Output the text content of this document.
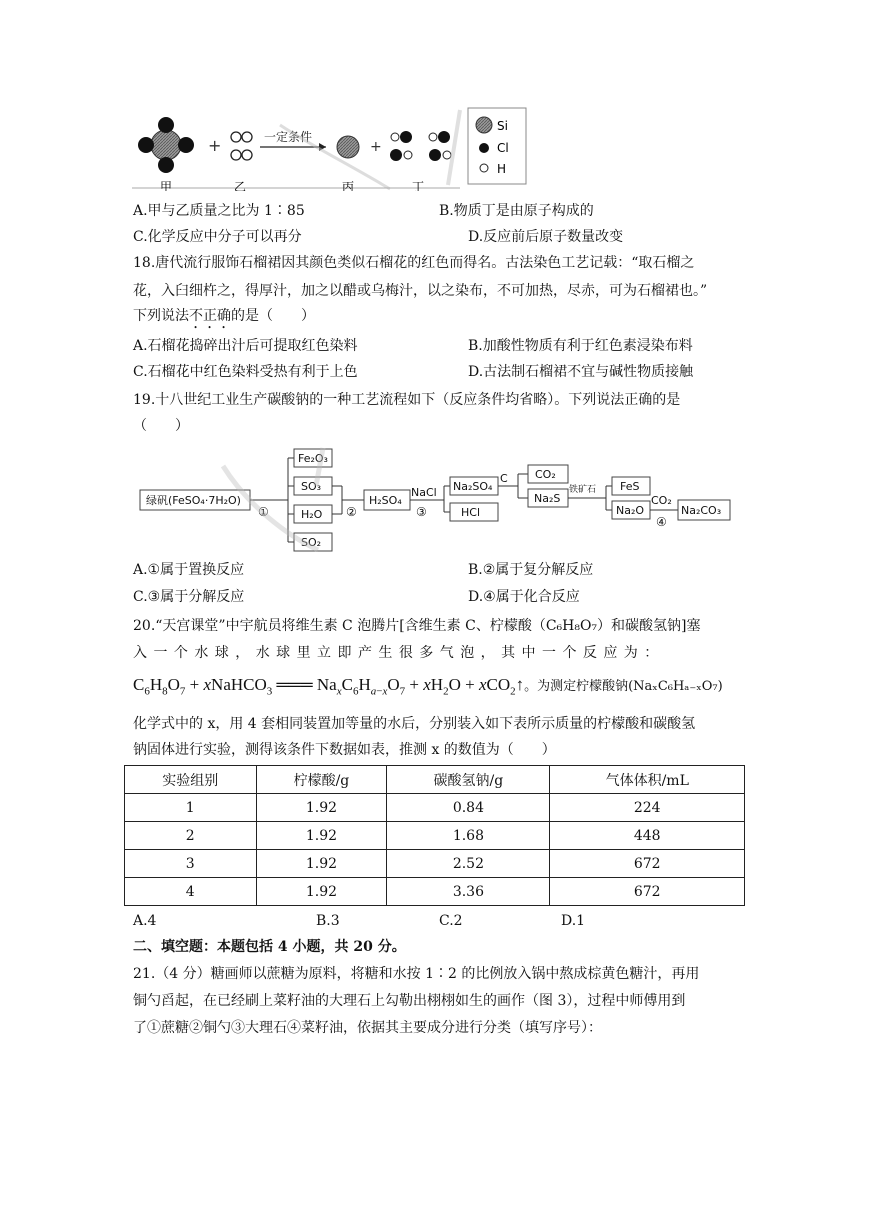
+	一定条件
+
Si
Cl
H
甲	乙	丙	丁
A.甲与乙质量之比为 1∶85	B.物质丁是由原子构成的
C.化学反应中分子可以再分	D.反应前后原子数量改变
18.唐代流行服饰石榴裙因其颜色类似石榴花的红色而得名。古法染色工艺记载：“取石榴之
花，入臼细杵之，得厚汁，加之以醋或乌梅汁，以之染布，不可加热，尽赤，可为石榴裙也。”
下列说法不正确的是（　　）
A.石榴花捣碎出汁后可提取红色染料	B.加酸性物质有利于红色素浸染布料
C.石榴花中红色染料受热有利于上色	D.古法制石榴裙不宜与碱性物质接触
19.十八世纪工业生产碳酸钠的一种工艺流程如下（反应条件均省略）。下列说法正确的是
（　　）
绿矾(FeSO₄·7H₂O)
①
Fe₂O₃
SO₃
H₂O
SO₂
②
H₂SO₄
NaCl
③
Na₂SO₄
HCl
C CO₂
Na₂S
铁矿石 FeS
Na₂O
CO₂
④
Na₂CO₃
A.①属于置换反应	B.②属于复分解反应
C.③属于分解反应	D.④属于化合反应
20.“天宫课堂”中宇航员将维生素 C 泡腾片[含维生素 C、柠檬酸（C₆H₈O₇）和碳酸氢钠]塞
入 一 个 水 球 ， 水 球 里 立 即 产 生 很 多 气 泡 ， 其 中 一 个 反 应 为 ：
$C_6H_8O_7$ + xNaHCO$_3$ ═══ $Na_xC_6H_{a-x}O_7 + xH_2O$ + xCO$_2$↑。为测定柠檬酸钠(NaₓC₆Hₐ₋ₓO₇)
化学式中的 x，用 4 套相同装置加等量的水后，分别装入如下表所示质量的柠檬酸和碳酸氢
钠固体进行实验，测得该条件下数据如表，推测 x 的数值为（　　）
实验组别	柠檬酸/g	碳酸氢钠/g	气体体积/mL
1	1.92	0.84	224
2	1.92	1.68	448
3	1.92	2.52	672
4	1.92	3.36	672
A.4	B.3	C.2	D.1
二、填空题：本题包括 4 小题，共 20 分。
21.（4 分）糖画师以蔗糖为原料，将糖和水按 1∶2 的比例放入锅中熬成棕黄色糖汁，再用
铜勺舀起，在已经刷上菜籽油的大理石上勾勒出栩栩如生的画作（图 3），过程中师傅用到
了①蔗糖②铜勺③大理石④菜籽油，依据其主要成分进行分类（填写序号）：
